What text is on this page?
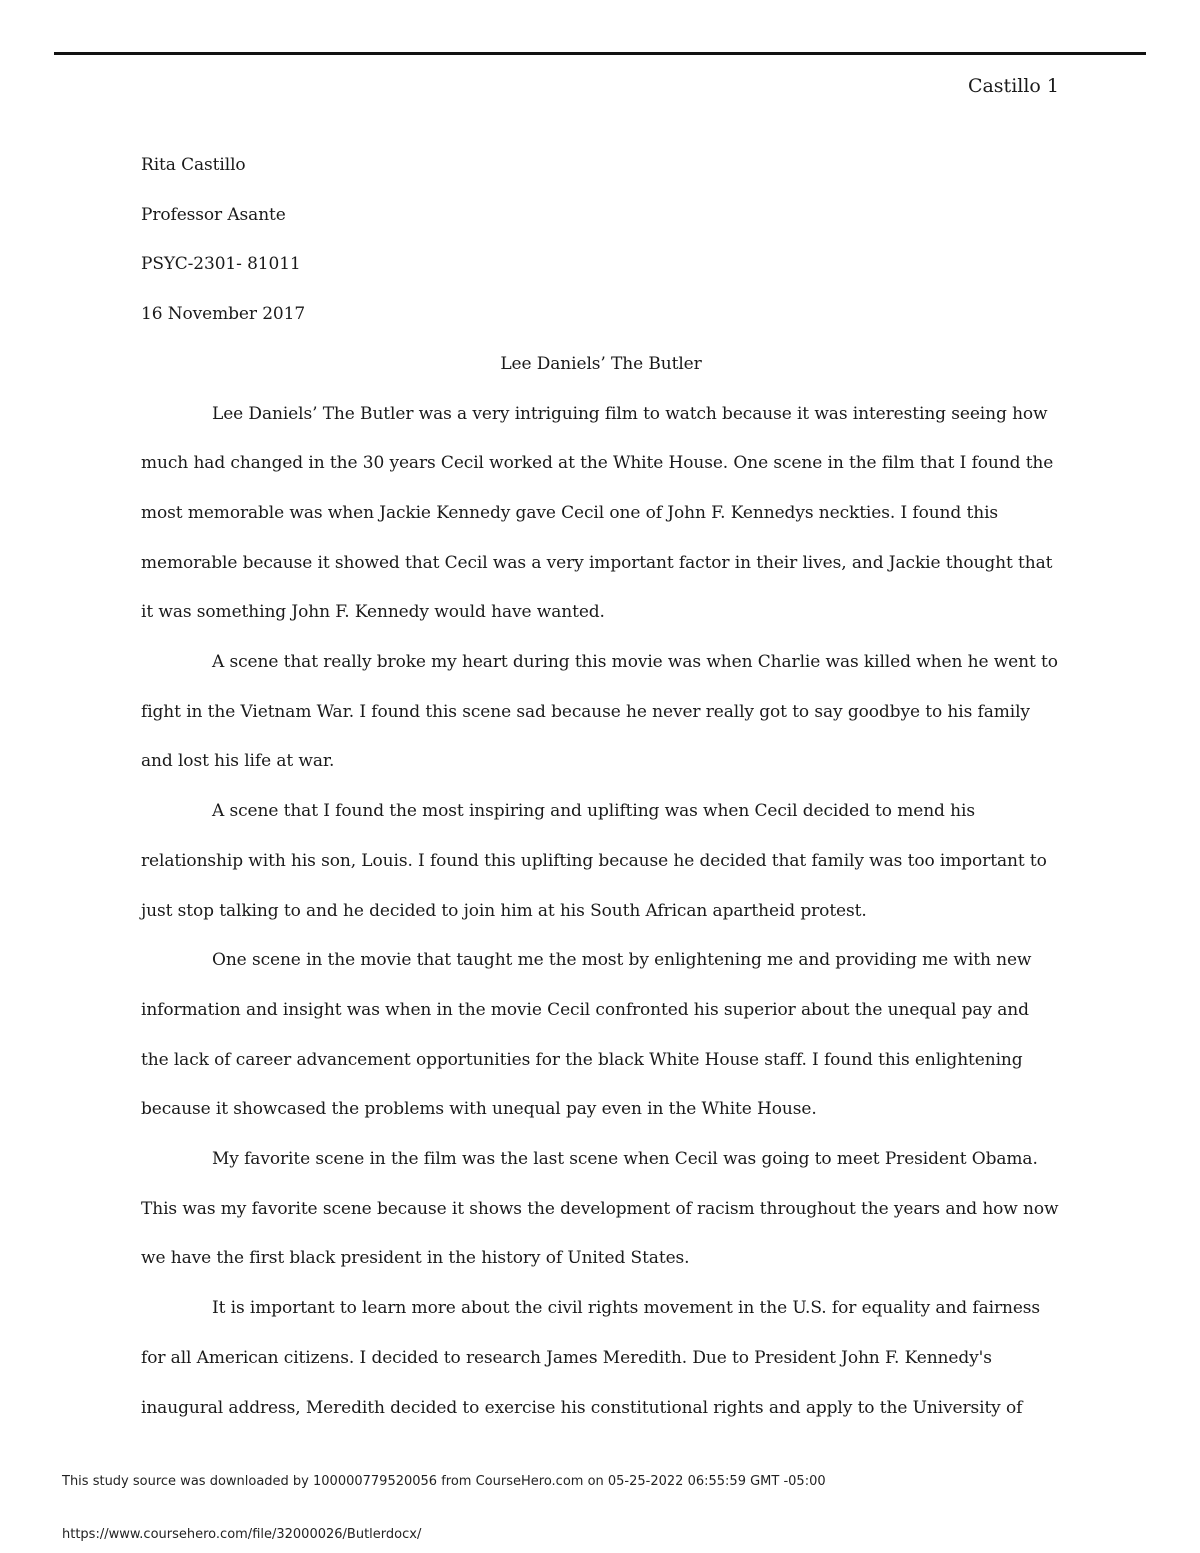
Castillo 1

Rita Castillo

Professor Asante

PSYC-2301- 81011

16 November 2017

Lee Daniels’ The Butler

Lee Daniels’ The Butler was a very intriguing film to watch because it was interesting seeing how much had changed in the 30 years Cecil worked at the White House. One scene in the film that I found the most memorable was when Jackie Kennedy gave Cecil one of John F. Kennedys neckties. I found this memorable because it showed that Cecil was a very important factor in their lives, and Jackie thought that it was something John F. Kennedy would have wanted.

A scene that really broke my heart during this movie was when Charlie was killed when he went to fight in the Vietnam War. I found this scene sad because he never really got to say goodbye to his family and lost his life at war.

A scene that I found the most inspiring and uplifting was when Cecil decided to mend his relationship with his son, Louis. I found this uplifting because he decided that family was too important to just stop talking to and he decided to join him at his South African apartheid protest.

One scene in the movie that taught me the most by enlightening me and providing me with new information and insight was when in the movie Cecil confronted his superior about the unequal pay and the lack of career advancement opportunities for the black White House staff. I found this enlightening because it showcased the problems with unequal pay even in the White House.

My favorite scene in the film was the last scene when Cecil was going to meet President Obama. This was my favorite scene because it shows the development of racism throughout the years and how now we have the first black president in the history of United States.

It is important to learn more about the civil rights movement in the U.S. for equality and fairness for all American citizens. I decided to research James Meredith. Due to President John F. Kennedy's inaugural address, Meredith decided to exercise his constitutional rights and apply to the University of

This study source was downloaded by 100000779520056 from CourseHero.com on 05-25-2022 06:55:59 GMT -05:00
https://www.coursehero.com/file/32000026/Butlerdocx/
